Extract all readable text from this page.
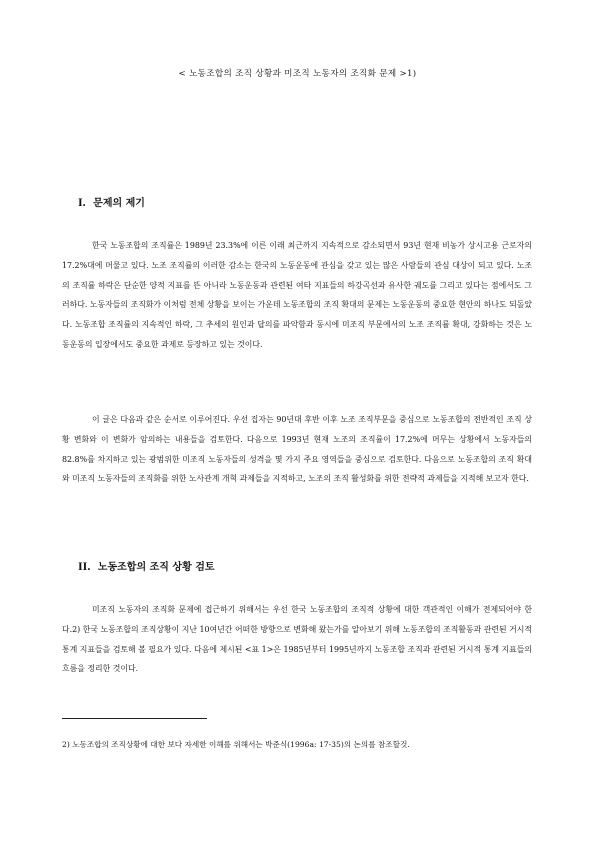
< 노동조합의 조직 상황과 미조직 노동자의 조직화 문제 >1)
I. 문제의 제기

한국 노동조합의 조직률은 1989년 23.3%에 이른 이래 최근까지 지속적으로 감소되면서 93년 현재 비농가 상시고용 근로자의 17.2%대에 머물고 있다. 노조 조직률의 이러한 감소는 한국의 노동운동에 관심을 갖고 있는 많은 사람들의 관심 대상이 되고 있다. 노조의 조직률 하락은 단순한 양적 지표를 뜬 아니라 노동운동과 관련된 여타 지표들의 하강곡선과 유사한 궤도를 그리고 있다는 점에서도 그러하다. 노동자들의 조직화가 이처럼 전체 상황을 보이는 가운데 노동조합의 조직 확대의 문제는 노동운동의 중요한 현안의 하나도 되돌았다. 노동조합 조직률의 지속적인 하락, 그 추세의 원인과 답의를 파악함과 동시에 미조직 부문에서의 노조 조직률 확대, 강화하는 것은 노동운동의 입장에서도 중요한 과제로 등장하고 있는 것이다.

이 글은 다음과 같은 순서로 이루어진다. 우선 집자는 90년대 후반 이후 노조 조직부문을 중심으로 노동조합의 전반적인 조직 상황 변화와 이 변화가 암의하는 내용들을 검토한다. 다음으로 1993년 현재 노조의 조직률이 17.2%에 머무는 상황에서 노동자들의 82.8%를 차지하고 있는 광범위한 미조직 노동자들의 성격을 몇 가지 주요 영역들을 중심으로 검토한다. 다음으로 노동조합의 조직 확대와 미조직 노동자들의 조직화를 위한 노사관계 개혁 과제들을 지적하고, 노조의 조직 활성화를 위한 전략적 과제들을 지적해 보고자 한다.

II. 노동조합의 조직 상황 검토

미조직 노동자의 조직화 문제에 접근하기 위해서는 우선 한국 노동조합의 조직적 상황에 대한 객관적인 이해가 전제되어야 한다.2) 한국 노동조합의 조직상황이 지난 10여년간 어떠한 방향으로 변화해 왔는가를 알아보기 위해 노동조합의 조직활동과 관련된 거시적 통계 지표들을 검토해 볼 필요가 있다. 다음에 제시된 <표 1>은 1985년부터 1995년까지 노동조합 조직과 관련된 거시적 통계 지표들의 흐름을 정리한 것이다.

2) 노동조합의 조직상황에 대한 보다 자세한 이해를 위해서는 박준식(1996a: 17-35)의 논의를 참조할것.
